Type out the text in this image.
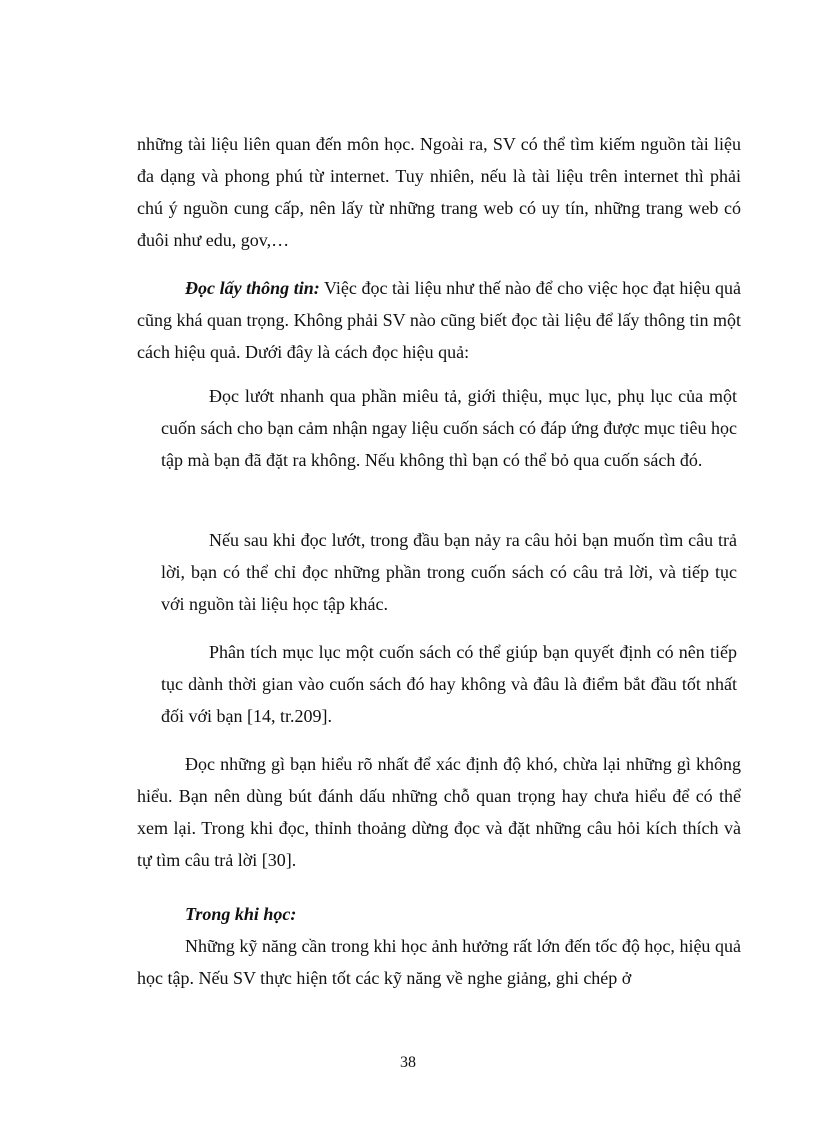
những tài liệu liên quan đến môn học. Ngoài ra, SV có thể tìm kiếm nguồn tài liệu đa dạng và phong phú từ internet. Tuy nhiên, nếu là tài liệu trên internet thì phải chú ý nguồn cung cấp, nên lấy từ những trang web có uy tín, những trang web có đuôi như edu, gov,…

Đọc lấy thông tin: Việc đọc tài liệu như thế nào để cho việc học đạt hiệu quả cũng khá quan trọng. Không phải SV nào cũng biết đọc tài liệu để lấy thông tin một cách hiệu quả. Dưới đây là cách đọc hiệu quả:

Đọc lướt nhanh qua phần miêu tả, giới thiệu, mục lục, phụ lục của một cuốn sách cho bạn cảm nhận ngay liệu cuốn sách có đáp ứng được mục tiêu học tập mà bạn đã đặt ra không. Nếu không thì bạn có thể bỏ qua cuốn sách đó.

Nếu sau khi đọc lướt, trong đầu bạn nảy ra câu hỏi bạn muốn tìm câu trả lời, bạn có thể chỉ đọc những phần trong cuốn sách có câu trả lời, và tiếp tục với nguồn tài liệu học tập khác.

Phân tích mục lục một cuốn sách có thể giúp bạn quyết định có nên tiếp tục dành thời gian vào cuốn sách đó hay không và đâu là điểm bắt đầu tốt nhất đối với bạn [14, tr.209].

Đọc những gì bạn hiểu rõ nhất để xác định độ khó, chừa lại những gì không hiểu. Bạn nên dùng bút đánh dấu những chỗ quan trọng hay chưa hiểu để có thể xem lại. Trong khi đọc, thỉnh thoảng dừng đọc và đặt những câu hỏi kích thích và tự tìm câu trả lời [30].

Trong khi học:

Những kỹ năng cần trong khi học ảnh hưởng rất lớn đến tốc độ học, hiệu quả học tập. Nếu SV thực hiện tốt các kỹ năng về nghe giảng, ghi chép ở

38
